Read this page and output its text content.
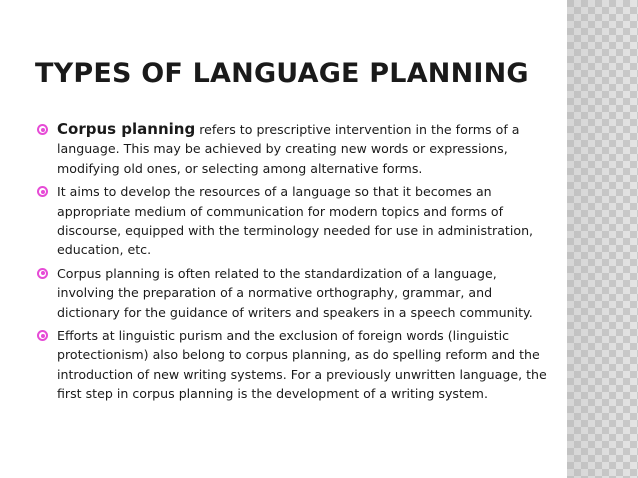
TYPES OF LANGUAGE PLANNING
Corpus planning refers to prescriptive intervention in the forms of a language. This may be achieved by creating new words or expressions, modifying old ones, or selecting among alternative forms.
It aims to develop the resources of a language so that it becomes an appropriate medium of communication for modern topics and forms of discourse, equipped with the terminology needed for use in administration, education, etc.
Corpus planning is often related to the standardization of a language, involving the preparation of a normative orthography, grammar, and dictionary for the guidance of writers and speakers in a speech community.
Efforts at linguistic purism and the exclusion of foreign words (linguistic protectionism) also belong to corpus planning, as do spelling reform and the introduction of new writing systems. For a previously unwritten language, the first step in corpus planning is the development of a writing system.
